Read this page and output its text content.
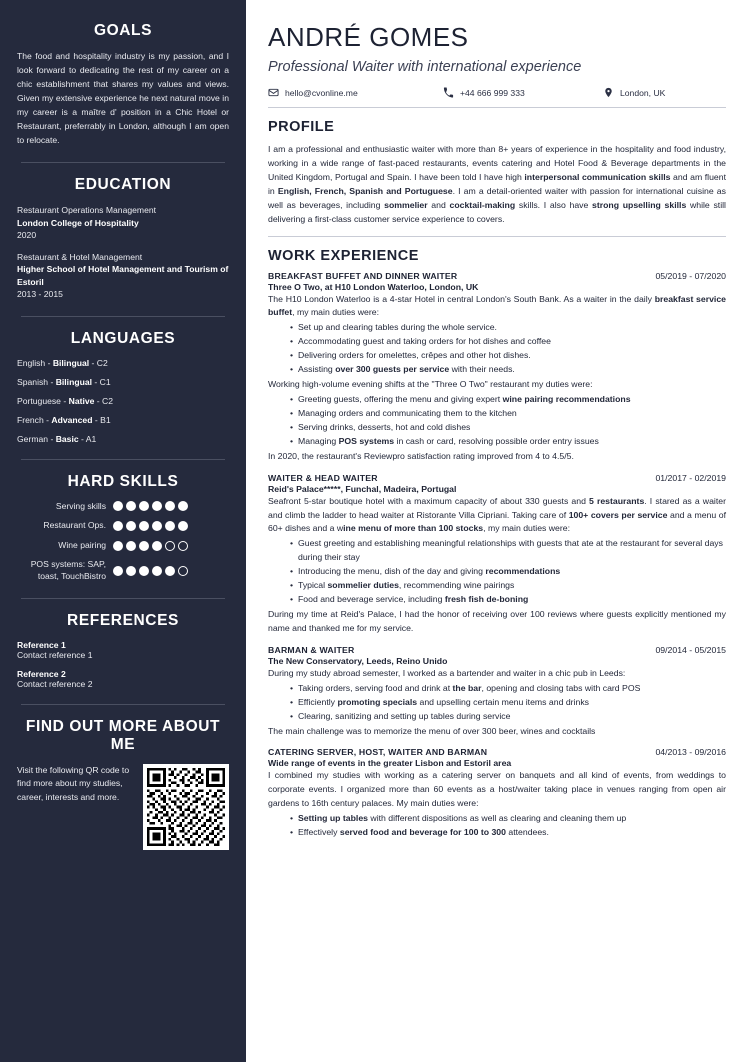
GOALS

The food and hospitality industry is my passion, and I look forward to dedicating the rest of my career on a chic establishment that shares my values and views. Given my extensive experience he next natural move in my career is a maître d' position in a Chic Hotel or Restaurant, preferrably in London, although I am open to relocate.

EDUCATION
Restaurant Operations Management
London College of Hospitality
2020
Restaurant & Hotel Management
Higher School of Hotel Management and Tourism of Estoril
2013 - 2015
LANGUAGES
English - Bilingual - C2
Spanish - Bilingual - C1
Portuguese - Native - C2
French - Advanced - B1
German - Basic - A1
HARD SKILLS
Serving skills
Restaurant Ops.
Wine pairing
POS systems: SAP, toast, TouchBistro
REFERENCES
Reference 1
Contact reference 1
Reference 2
Contact reference 2
FIND OUT MORE ABOUT ME
Visit the following QR code to find more about my studies, career, interests and more.
ANDRÉ GOMES
Professional Waiter with international experience
hello@cvonline.me	+44 666 999 333	London, UK
PROFILE

I am a professional and enthusiastic waiter with more than 8+ years of experience in the hospitality and food industry, working in a wide range of fast-paced restaurants, events catering and Hotel Food & Beverage departments in the United Kingdom, Portugal and Spain. I have been told I have high interpersonal communication skills and am fluent in English, French, Spanish and Portuguese. I am a detail-oriented waiter with passion for international cuisine as well as beverages, including sommelier and cocktail-making skills. I also have strong upselling skills while still delivering a first-class customer service experience to covers.

WORK EXPERIENCE
BREAKFAST BUFFET AND DINNER WAITER	05/2019 - 07/2020
Three O Two, at H10 London Waterloo, London, UK

The H10 London Waterloo is a 4-star Hotel in central London's South Bank. As a waiter in the daily breakfast service buffet, my main duties were:

• Set up and clearing tables during the whole service.
• Accommodating guest and taking orders for hot dishes and coffee
• Delivering orders for omelettes, crêpes and other hot dishes.
• Assisting over 300 guests per service with their needs.

Working high-volume evening shifts at the "Three O Two" restaurant my duties were:

• Greeting guests, offering the menu and giving expert wine pairing recommendations
• Managing orders and communicating them to the kitchen
• Serving drinks, desserts, hot and cold dishes
• Managing POS systems in cash or card, resolving possible order entry issues

In 2020, the restaurant's Reviewpro satisfaction rating improved from 4 to 4.5/5.

WAITER & HEAD WAITER	01/2017 - 02/2019
Reid's Palace*****, Funchal, Madeira, Portugal

Seafront 5-star boutique hotel with a maximum capacity of about 330 guests and 5 restaurants. I stared as a waiter and climb the ladder to head waiter at Ristorante Villa Cipriani. Taking care of 100+ covers per service and a menu of 60+ dishes and a wine menu of more than 100 stocks, my main duties were:

• Guest greeting and establishing meaningful relationships with guests that ate at the restaurant for several days during their stay
• Introducing the menu, dish of the day and giving recommendations
• Typical sommelier duties, recommending wine pairings
• Food and beverage service, including fresh fish de-boning

During my time at Reid's Palace, I had the honor of receiving over 100 reviews where guests explicitly mentioned my name and thanked me for my service.

BARMAN & WAITER	09/2014 - 05/2015
The New Conservatory, Leeds, Reino Unido

During my study abroad semester, I worked as a bartender and waiter in a chic pub in Leeds:

• Taking orders, serving food and drink at the bar, opening and closing tabs with card POS
• Efficiently promoting specials and upselling certain menu items and drinks
• Clearing, sanitizing and setting up tables during service

The main challenge was to memorize the menu of over 300 beer, wines and cocktails

CATERING SERVER, HOST, WAITER AND BARMAN	04/2013 - 09/2016
Wide range of events in the greater Lisbon and Estoril area

I combined my studies with working as a catering server on banquets and all kind of events, from weddings to corporate events. I organized more than 60 events as a host/waiter taking place in venues ranging from open air gardens to 16th century palaces. My main duties were:

• Setting up tables with different dispositions as well as clearing and cleaning them up
• Effectively served food and beverage for 100 to 300 attendees.
